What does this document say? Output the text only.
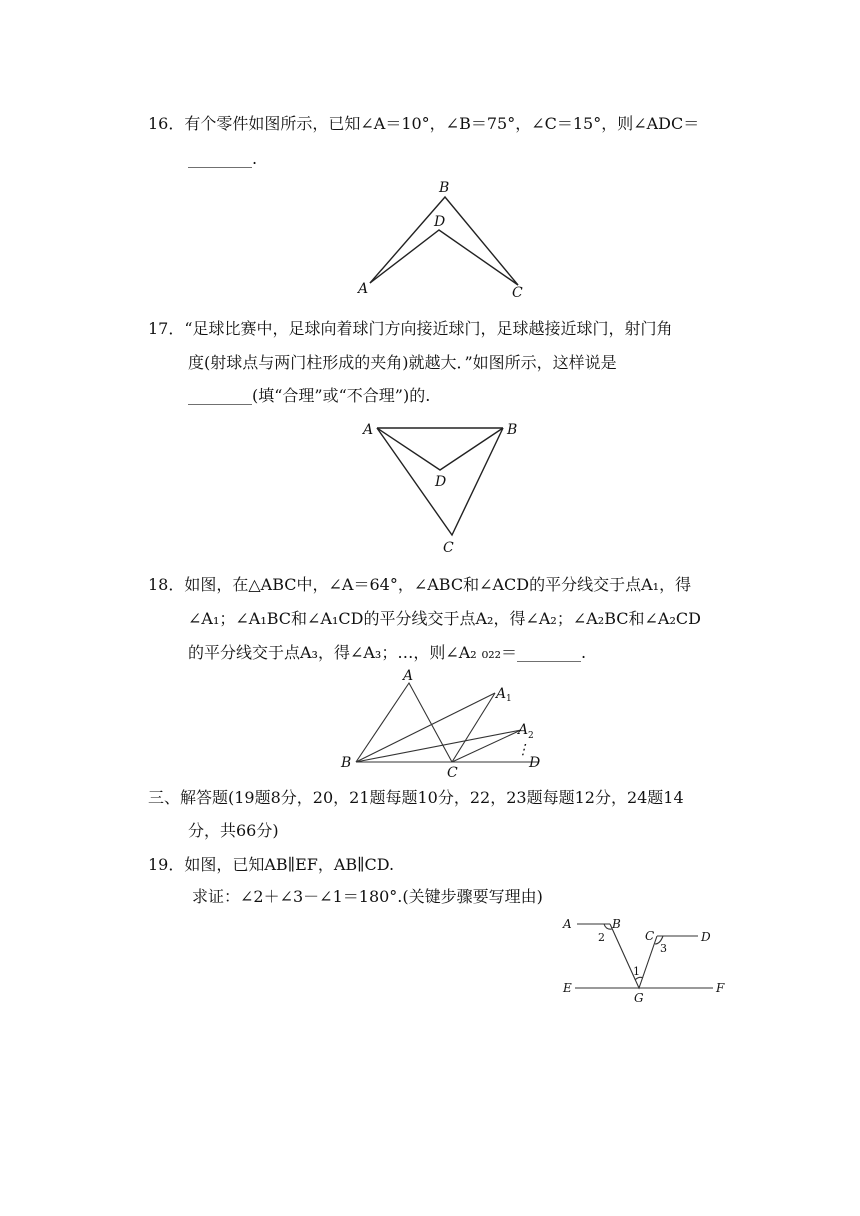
16．有个零件如图所示，已知∠A＝10°，∠B＝75°，∠C＝15°，则∠ADC＝
________.
B
D
A	C
17．“足球比赛中，足球向着球门方向接近球门，足球越接近球门，射门角
度(射球点与两门柱形成的夹角)就越大．”如图所示，这样说是
________(填“合理”或“不合理”)的.
A	B
D
C
18．如图，在△ABC中，∠A＝64°，∠ABC和∠ACD的平分线交于点A₁，得
∠A₁；∠A₁BC和∠A₁CD的平分线交于点A₂，得∠A₂；∠A₂BC和∠A₂CD
的平分线交于点A₃，得∠A₃；…，则∠A₂ ₀₂₂＝________.
A
A 1
A 2
⋮
B
C
D
三、解答题(19题8分，20，21题每题10分，22，23题每题12分，24题14
分，共66分)
19．如图，已知AB∥EF，AB∥CD.
求证：∠2＋∠3－∠1＝180°.(关键步骤要写理由)
A	B
C	D
E	F
G
1
2
3
